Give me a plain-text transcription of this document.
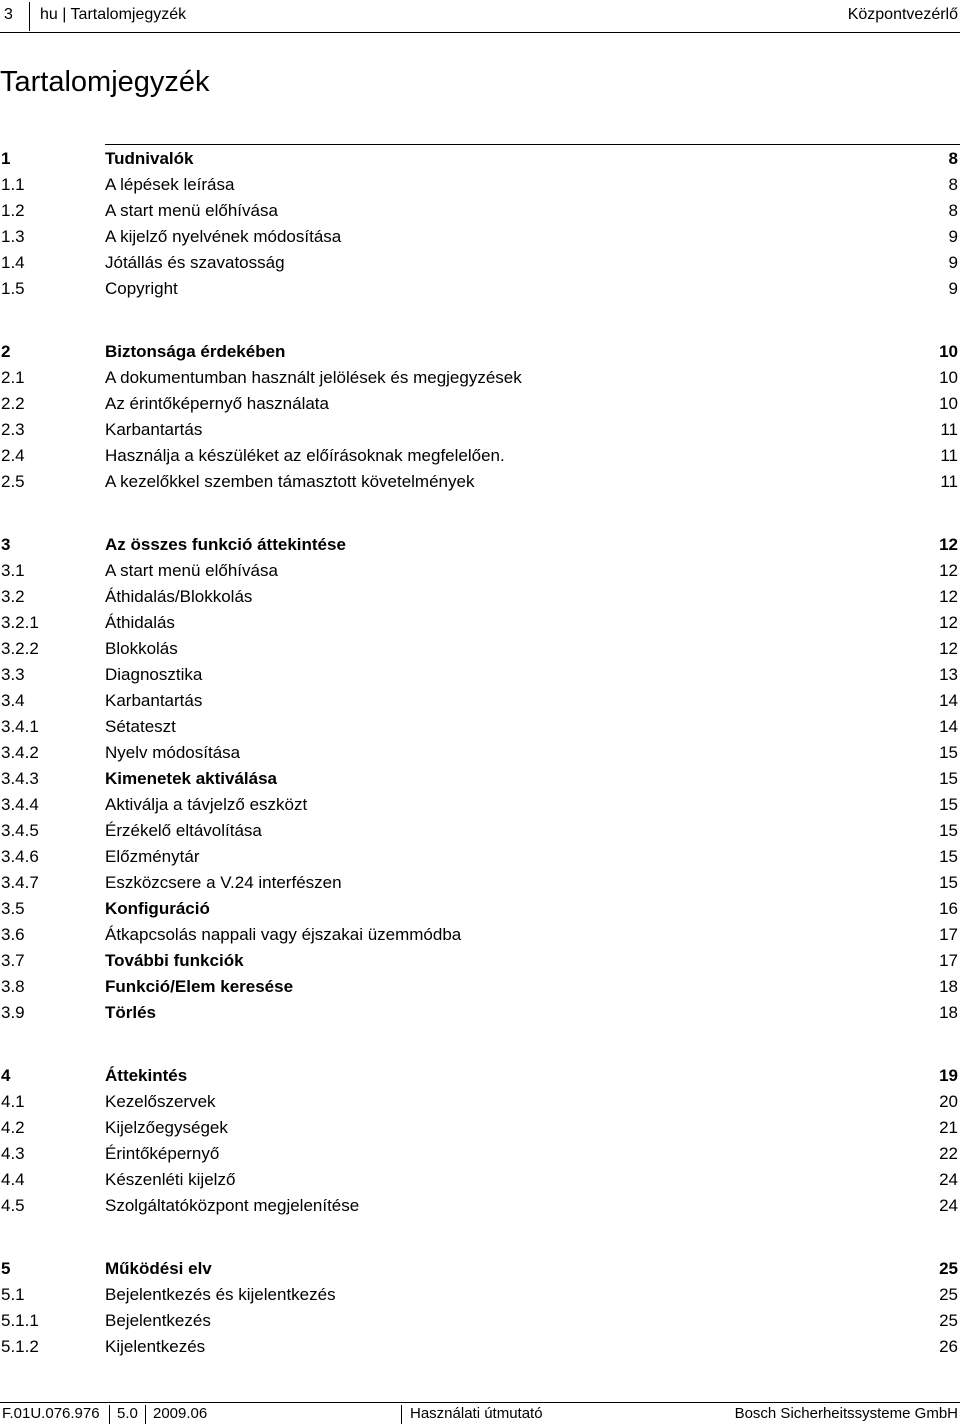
3 hu | Tartalomjegyzék	Központvezérlő
Tartalomjegyzék
1	Tudnivalók	8
1.1	A lépések leírása	8
1.2	A start menü előhívása	8
1.3	A kijelző nyelvének módosítása	9
1.4	Jótállás és szavatosság	9
1.5	Copyright	9
2	Biztonsága érdekében	10
2.1	A dokumentumban használt jelölések és megjegyzések	10
2.2	Az érintőképernyő használata	10
2.3	Karbantartás	11
2.4	Használja a készüléket az előírásoknak megfelelően.	11
2.5	A kezelőkkel szemben támasztott követelmények	11
3	Az összes funkció áttekintése	12
3.1	A start menü előhívása	12
3.2	Áthidalás/Blokkolás	12
3.2.1	Áthidalás	12
3.2.2	Blokkolás	12
3.3	Diagnosztika	13
3.4	Karbantartás	14
3.4.1	Sétateszt	14
3.4.2	Nyelv módosítása	15
3.4.3	Kimenetek aktiválása	15
3.4.4	Aktiválja a távjelző eszközt	15
3.4.5	Érzékelő eltávolítása	15
3.4.6	Előzménytár	15
3.4.7	Eszközcsere a V.24 interfészen	15
3.5	Konfiguráció	16
3.6	Átkapcsolás nappali vagy éjszakai üzemmódba	17
3.7	További funkciók	17
3.8	Funkció/Elem keresése	18
3.9	Törlés	18
4	Áttekintés	19
4.1	Kezelőszervek	20
4.2	Kijelzőegységek	21
4.3	Érintőképernyő	22
4.4	Készenléti kijelző	24
4.5	Szolgáltatóközpont megjelenítése	24
5	Működési elv	25
5.1	Bejelentkezés és kijelentkezés	25
5.1.1	Bejelentkezés	25
5.1.2	Kijelentkezés	26
F.01U.076.976 5.0 2009.06	Használati útmutató	Bosch Sicherheitssysteme GmbH
